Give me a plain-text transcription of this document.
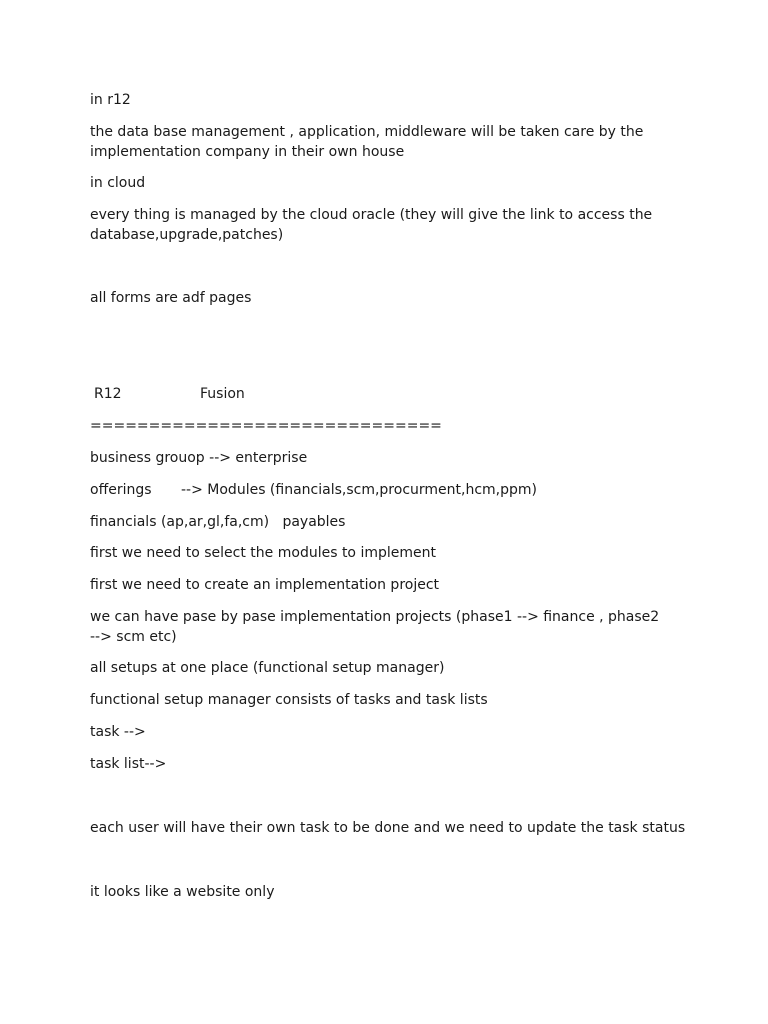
in r12

the data base management , application, middleware will be taken care by the implementation company in their own house

in cloud

every thing is managed by the cloud oracle (they will give the link to access the database,upgrade,patches)

all forms are adf pages

R12	Fusion

==============================

business grouop --> enterprise

offerings --> Modules (financials,scm,procurment,hcm,ppm)

financials (ap,ar,gl,fa,cm)   payables

first we need to select the modules to implement

first we need to create an implementation project

we can have pase by pase implementation projects (phase1 --> finance , phase2 --> scm etc)

all setups at one place (functional setup manager)

functional setup manager consists of tasks and task lists

task -->

task list-->

each user will have their own task to be done and we need to update the task status

it looks like a website only
